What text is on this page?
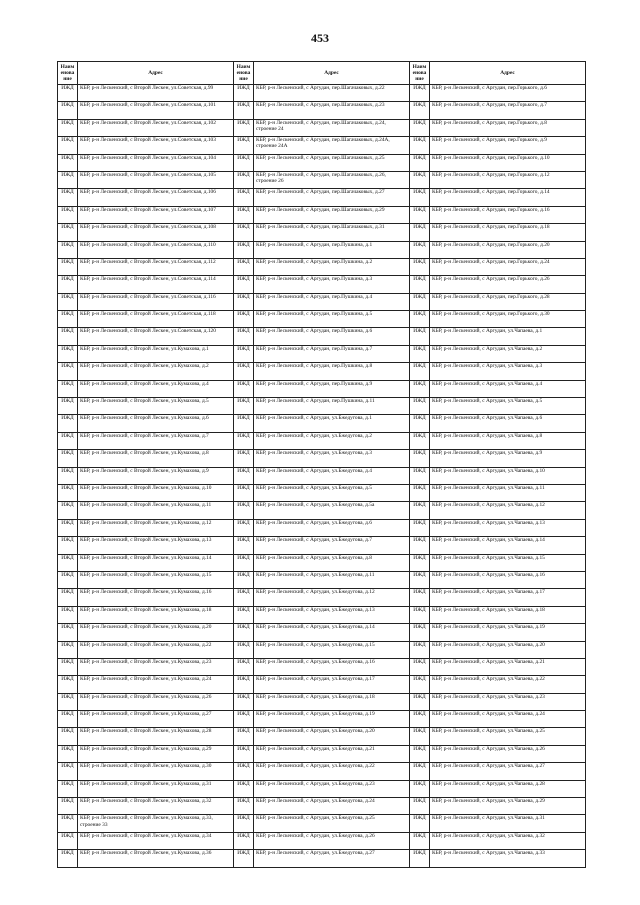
453
Наим енова ние	Адрес	Наим енова ние	Адрес	Наим енова ние	Адрес
ИЖД	КБР, р-н Лескенский, с Второй Лескен, ул.Советская, д.99	ИЖД	КБР, р-н Лескенский, с Аргудан, пер.Шагачаковых, д.22	ИЖД	КБР, р-н Лескенский, с Аргудан, пер.Горького, д.6
ИЖД	КБР, р-н Лескенский, с Второй Лескен, ул.Советская, д.101	ИЖД	КБР, р-н Лескенский, с Аргудан, пер.Шагачаковых, д.23	ИЖД	КБР, р-н Лескенский, с Аргудан, пер.Горького, д.7
ИЖД	КБР, р-н Лескенский, с Второй Лескен, ул.Советская, д.102	ИЖД	КБР, р-н Лескенский, с Аргудан, пер.Шагачаковых, д.24, строение 24	ИЖД	КБР, р-н Лескенский, с Аргудан, пер.Горького, д.8
ИЖД	КБР, р-н Лескенский, с Второй Лескен, ул.Советская, д.103	ИЖД	КБР, р-н Лескенский, с Аргудан, пер.Шагачаковых, д.24А, строение 24А	ИЖД	КБР, р-н Лескенский, с Аргудан, пер.Горького, д.9
ИЖД	КБР, р-н Лескенский, с Второй Лескен, ул.Советская, д.104	ИЖД	КБР, р-н Лескенский, с Аргудан, пер.Шагачаковых, д.25	ИЖД	КБР, р-н Лескенский, с Аргудан, пер.Горького, д.10
ИЖД	КБР, р-н Лескенский, с Второй Лескен, ул.Советская, д.105	ИЖД	КБР, р-н Лескенский, с Аргудан, пер.Шагачаковых, д.26, строение 26	ИЖД	КБР, р-н Лескенский, с Аргудан, пер.Горького, д.12
ИЖД	КБР, р-н Лескенский, с Второй Лескен, ул.Советская, д.106	ИЖД	КБР, р-н Лескенский, с Аргудан, пер.Шагачаковых, д.27	ИЖД	КБР, р-н Лескенский, с Аргудан, пер.Горького, д.14
ИЖД	КБР, р-н Лескенский, с Второй Лескен, ул.Советская, д.107	ИЖД	КБР, р-н Лескенский, с Аргудан, пер.Шагачаковых, д.29	ИЖД	КБР, р-н Лескенский, с Аргудан, пер.Горького, д.16
ИЖД	КБР, р-н Лескенский, с Второй Лескен, ул.Советская, д.108	ИЖД	КБР, р-н Лескенский, с Аргудан, пер.Шагачаковых, д.31	ИЖД	КБР, р-н Лескенский, с Аргудан, пер.Горького, д.18
ИЖД	КБР, р-н Лескенский, с Второй Лескен, ул.Советская, д.110	ИЖД	КБР, р-н Лескенский, с Аргудан, пер.Пушкина, д.1	ИЖД	КБР, р-н Лескенский, с Аргудан, пер.Горького, д.20
ИЖД	КБР, р-н Лескенский, с Второй Лескен, ул.Советская, д.112	ИЖД	КБР, р-н Лескенский, с Аргудан, пер.Пушкина, д.2	ИЖД	КБР, р-н Лескенский, с Аргудан, пер.Горького, д.24
ИЖД	КБР, р-н Лескенский, с Второй Лескен, ул.Советская, д.114	ИЖД	КБР, р-н Лескенский, с Аргудан, пер.Пушкина, д.3	ИЖД	КБР, р-н Лескенский, с Аргудан, пер.Горького, д.26
ИЖД	КБР, р-н Лескенский, с Второй Лескен, ул.Советская, д.116	ИЖД	КБР, р-н Лескенский, с Аргудан, пер.Пушкина, д.4	ИЖД	КБР, р-н Лескенский, с Аргудан, пер.Горького, д.28
ИЖД	КБР, р-н Лескенский, с Второй Лескен, ул.Советская, д.118	ИЖД	КБР, р-н Лескенский, с Аргудан, пер.Пушкина, д.5	ИЖД	КБР, р-н Лескенский, с Аргудан, пер.Горького, д.30
ИЖД	КБР, р-н Лескенский, с Второй Лескен, ул.Советская, д.120	ИЖД	КБР, р-н Лескенский, с Аргудан, пер.Пушкина, д.6	ИЖД	КБР, р-н Лескенский, с Аргудан, ул.Чапаева, д.1
ИЖД	КБР, р-н Лескенский, с Второй Лескен, ул.Кумахова, д.1	ИЖД	КБР, р-н Лескенский, с Аргудан, пер.Пушкина, д.7	ИЖД	КБР, р-н Лескенский, с Аргудан, ул.Чапаева, д.2
ИЖД	КБР, р-н Лескенский, с Второй Лескен, ул.Кумахова, д.2	ИЖД	КБР, р-н Лескенский, с Аргудан, пер.Пушкина, д.8	ИЖД	КБР, р-н Лескенский, с Аргудан, ул.Чапаева, д.3
ИЖД	КБР, р-н Лескенский, с Второй Лескен, ул.Кумахова, д.4	ИЖД	КБР, р-н Лескенский, с Аргудан, пер.Пушкина, д.9	ИЖД	КБР, р-н Лескенский, с Аргудан, ул.Чапаева, д.4
ИЖД	КБР, р-н Лескенский, с Второй Лескен, ул.Кумахова, д.5	ИЖД	КБР, р-н Лескенский, с Аргудан, пер.Пушкина, д.11	ИЖД	КБР, р-н Лескенский, с Аргудан, ул.Чапаева, д.5
ИЖД	КБР, р-н Лескенский, с Второй Лескен, ул.Кумахова, д.6	ИЖД	КБР, р-н Лескенский, с Аргудан, ул.Бжедугова, д.1	ИЖД	КБР, р-н Лескенский, с Аргудан, ул.Чапаева, д.6
ИЖД	КБР, р-н Лескенский, с Второй Лескен, ул.Кумахова, д.7	ИЖД	КБР, р-н Лескенский, с Аргудан, ул.Бжедугова, д.2	ИЖД	КБР, р-н Лескенский, с Аргудан, ул.Чапаева, д.8
ИЖД	КБР, р-н Лескенский, с Второй Лескен, ул.Кумахова, д.8	ИЖД	КБР, р-н Лескенский, с Аргудан, ул.Бжедугова, д.3	ИЖД	КБР, р-н Лескенский, с Аргудан, ул.Чапаева, д.9
ИЖД	КБР, р-н Лескенский, с Второй Лескен, ул.Кумахова, д.9	ИЖД	КБР, р-н Лескенский, с Аргудан, ул.Бжедугова, д.4	ИЖД	КБР, р-н Лескенский, с Аргудан, ул.Чапаева, д.10
ИЖД	КБР, р-н Лескенский, с Второй Лескен, ул.Кумахова, д.10	ИЖД	КБР, р-н Лескенский, с Аргудан, ул.Бжедугова, д.5	ИЖД	КБР, р-н Лескенский, с Аргудан, ул.Чапаева, д.11
ИЖД	КБР, р-н Лескенский, с Второй Лескен, ул.Кумахова, д.11	ИЖД	КБР, р-н Лескенский, с Аргудан, ул.Бжедугова, д.5а	ИЖД	КБР, р-н Лескенский, с Аргудан, ул.Чапаева, д.12
ИЖД	КБР, р-н Лескенский, с Второй Лескен, ул.Кумахова, д.12	ИЖД	КБР, р-н Лескенский, с Аргудан, ул.Бжедугова, д.6	ИЖД	КБР, р-н Лескенский, с Аргудан, ул.Чапаева, д.13
ИЖД	КБР, р-н Лескенский, с Второй Лескен, ул.Кумахова, д.13	ИЖД	КБР, р-н Лескенский, с Аргудан, ул.Бжедугова, д.7	ИЖД	КБР, р-н Лескенский, с Аргудан, ул.Чапаева, д.14
ИЖД	КБР, р-н Лескенский, с Второй Лескен, ул.Кумахова, д.14	ИЖД	КБР, р-н Лескенский, с Аргудан, ул.Бжедугова, д.8	ИЖД	КБР, р-н Лескенский, с Аргудан, ул.Чапаева, д.15
ИЖД	КБР, р-н Лескенский, с Второй Лескен, ул.Кумахова, д.15	ИЖД	КБР, р-н Лескенский, с Аргудан, ул.Бжедугова, д.11	ИЖД	КБР, р-н Лескенский, с Аргудан, ул.Чапаева, д.16
ИЖД	КБР, р-н Лескенский, с Второй Лескен, ул.Кумахова, д.16	ИЖД	КБР, р-н Лескенский, с Аргудан, ул.Бжедугова, д.12	ИЖД	КБР, р-н Лескенский, с Аргудан, ул.Чапаева, д.17
ИЖД	КБР, р-н Лескенский, с Второй Лескен, ул.Кумахова, д.18	ИЖД	КБР, р-н Лескенский, с Аргудан, ул.Бжедугова, д.13	ИЖД	КБР, р-н Лескенский, с Аргудан, ул.Чапаева, д.18
ИЖД	КБР, р-н Лескенский, с Второй Лескен, ул.Кумахова, д.20	ИЖД	КБР, р-н Лескенский, с Аргудан, ул.Бжедугова, д.14	ИЖД	КБР, р-н Лескенский, с Аргудан, ул.Чапаева, д.19
ИЖД	КБР, р-н Лескенский, с Второй Лескен, ул.Кумахова, д.22	ИЖД	КБР, р-н Лескенский, с Аргудан, ул.Бжедугова, д.15	ИЖД	КБР, р-н Лескенский, с Аргудан, ул.Чапаева, д.20
ИЖД	КБР, р-н Лескенский, с Второй Лескен, ул.Кумахова, д.23	ИЖД	КБР, р-н Лескенский, с Аргудан, ул.Бжедугова, д.16	ИЖД	КБР, р-н Лескенский, с Аргудан, ул.Чапаева, д.21
ИЖД	КБР, р-н Лескенский, с Второй Лескен, ул.Кумахова, д.24	ИЖД	КБР, р-н Лескенский, с Аргудан, ул.Бжедугова, д.17	ИЖД	КБР, р-н Лескенский, с Аргудан, ул.Чапаева, д.22
ИЖД	КБР, р-н Лескенский, с Второй Лескен, ул.Кумахова, д.26	ИЖД	КБР, р-н Лескенский, с Аргудан, ул.Бжедугова, д.18	ИЖД	КБР, р-н Лескенский, с Аргудан, ул.Чапаева, д.23
ИЖД	КБР, р-н Лескенский, с Второй Лескен, ул.Кумахова, д.27	ИЖД	КБР, р-н Лескенский, с Аргудан, ул.Бжедугова, д.19	ИЖД	КБР, р-н Лескенский, с Аргудан, ул.Чапаева, д.24
ИЖД	КБР, р-н Лескенский, с Второй Лескен, ул.Кумахова, д.28	ИЖД	КБР, р-н Лескенский, с Аргудан, ул.Бжедугова, д.20	ИЖД	КБР, р-н Лескенский, с Аргудан, ул.Чапаева, д.25
ИЖД	КБР, р-н Лескенский, с Второй Лескен, ул.Кумахова, д.29	ИЖД	КБР, р-н Лескенский, с Аргудан, ул.Бжедугова, д.21	ИЖД	КБР, р-н Лескенский, с Аргудан, ул.Чапаева, д.26
ИЖД	КБР, р-н Лескенский, с Второй Лескен, ул.Кумахова, д.30	ИЖД	КБР, р-н Лескенский, с Аргудан, ул.Бжедугова, д.22	ИЖД	КБР, р-н Лескенский, с Аргудан, ул.Чапаева, д.27
ИЖД	КБР, р-н Лескенский, с Второй Лескен, ул.Кумахова, д.31	ИЖД	КБР, р-н Лескенский, с Аргудан, ул.Бжедугова, д.23	ИЖД	КБР, р-н Лескенский, с Аргудан, ул.Чапаева, д.28
ИЖД	КБР, р-н Лескенский, с Второй Лескен, ул.Кумахова, д.32	ИЖД	КБР, р-н Лескенский, с Аргудан, ул.Бжедугова, д.24	ИЖД	КБР, р-н Лескенский, с Аргудан, ул.Чапаева, д.29
ИЖД	КБР, р-н Лескенский, с Второй Лескен, ул.Кумахова, д.33, строение 33	ИЖД	КБР, р-н Лескенский, с Аргудан, ул.Бжедугова, д.25	ИЖД	КБР, р-н Лескенский, с Аргудан, ул.Чапаева, д.31
ИЖД	КБР, р-н Лескенский, с Второй Лескен, ул.Кумахова, д.34	ИЖД	КБР, р-н Лескенский, с Аргудан, ул.Бжедугова, д.26	ИЖД	КБР, р-н Лескенский, с Аргудан, ул.Чапаева, д.32
ИЖД	КБР, р-н Лескенский, с Второй Лескен, ул.Кумахова, д.36	ИЖД	КБР, р-н Лескенский, с Аргудан, ул.Бжедугова, д.27	ИЖД	КБР, р-н Лескенский, с Аргудан, ул.Чапаева, д.33
